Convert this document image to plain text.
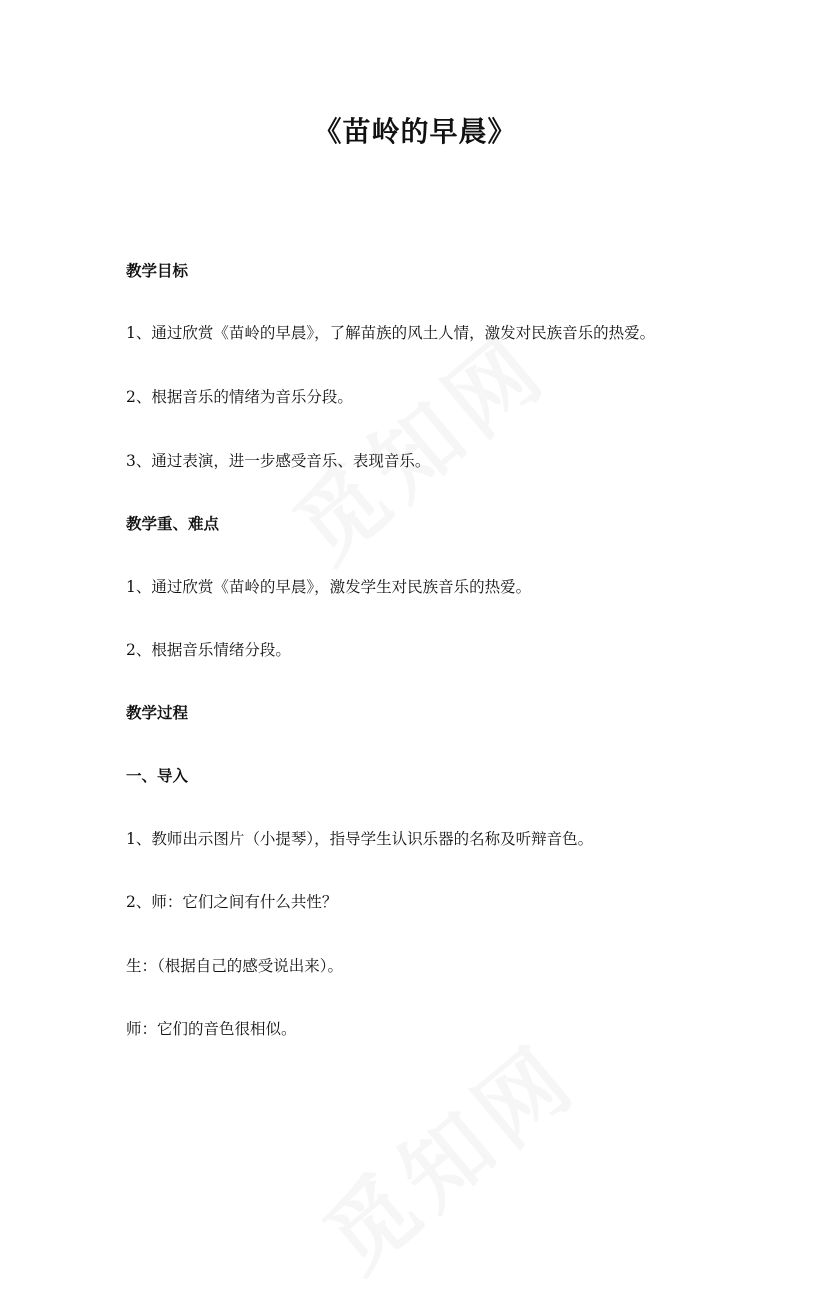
《苗岭的早晨》
教学目标
1、通过欣赏《苗岭的早晨》，了解苗族的风土人情，激发对民族音乐的热爱。
2、根据音乐的情绪为音乐分段。
3、通过表演，进一步感受音乐、表现音乐。
教学重、难点
1、通过欣赏《苗岭的早晨》，激发学生对民族音乐的热爱。
2、根据音乐情绪分段。
教学过程
一、导入
1、教师出示图片（小提琴），指导学生认识乐器的名称及听辩音色。
2、师：它们之间有什么共性？
生：（根据自己的感受说出来）。
师：它们的音色很相似。
